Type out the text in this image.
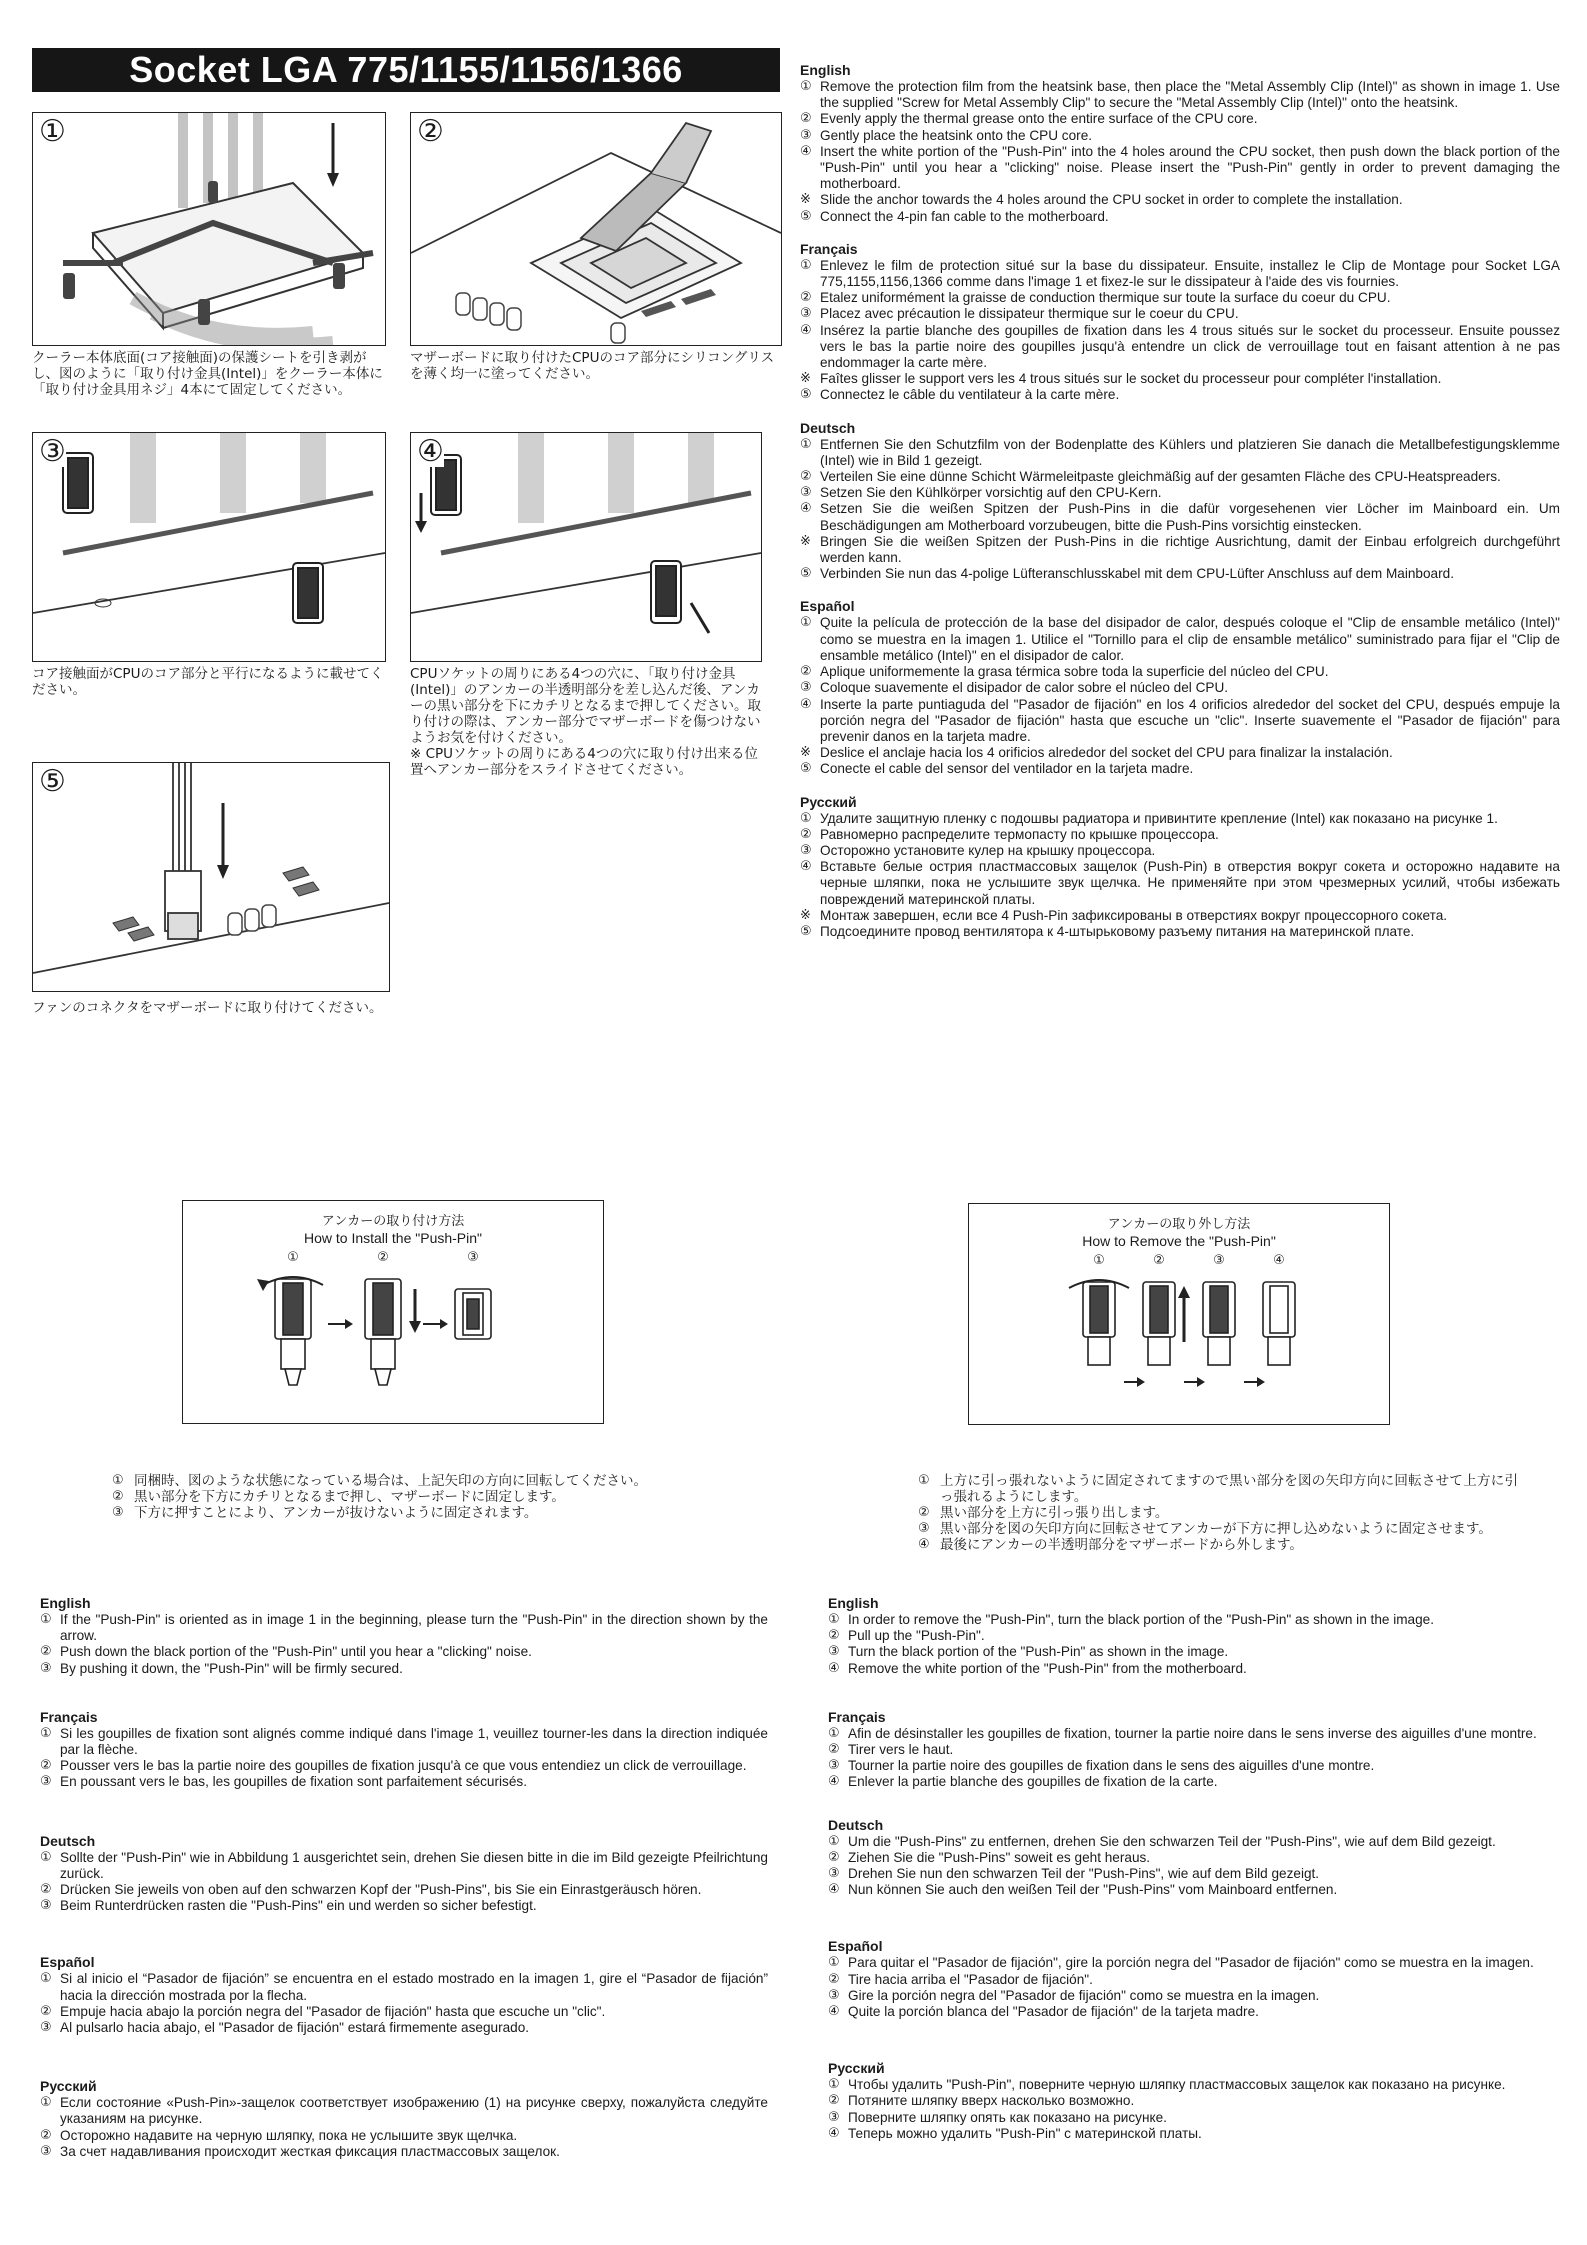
Socket LGA 775/1155/1156/1366
①
クーラー本体底面(コア接触面)の保護シートを引き剥がし、図のように「取り付け金具(Intel)」をクーラー本体に「取り付け金具用ネジ」4本にて固定してください。
②
マザーボードに取り付けたCPUのコア部分にシリコングリスを薄く均一に塗ってください。
③
コア接触面がCPUのコア部分と平行になるように載せてください。
④
CPUソケットの周りにある4つの穴に、「取り付け金具(Intel)」のアンカーの半透明部分を差し込んだ後、アンカーの黒い部分を下にカチリとなるまで押してください。取り付けの際は、アンカー部分でマザーボードを傷つけないようお気を付けください。
※ CPUソケットの周りにある4つの穴に取り付け出来る位置へアンカー部分をスライドさせてください。
⑤
ファンのコネクタをマザーボードに取り付けてください。
English
① Remove the protection film from the heatsink base, then place the "Metal Assembly Clip (Intel)" as shown in image 1. Use the supplied "Screw for Metal Assembly Clip" to secure the "Metal Assembly Clip (Intel)" onto the heatsink.
② Evenly apply the thermal grease onto the entire surface of the CPU core.
③ Gently place the heatsink onto the CPU core.
④ Insert the white portion of the "Push-Pin" into the 4 holes around the CPU socket, then push down the black portion of the "Push-Pin" until you hear a "clicking" noise. Please insert the "Push-Pin" gently in order to prevent damaging the motherboard.
※ Slide the anchor towards the 4 holes around the CPU socket in order to complete the installation.
⑤ Connect the 4-pin fan cable to the motherboard.
Français
① Enlevez le film de protection situé sur la base du dissipateur. Ensuite, installez le Clip de Montage pour Socket LGA 775,1155,1156,1366 comme dans l'image 1 et fixez-le sur le dissipateur à l'aide des vis fournies.
② Etalez uniformément la graisse de conduction thermique sur toute la surface du coeur du CPU.
③ Placez avec précaution le dissipateur thermique sur le coeur du CPU.
④ Insérez la partie blanche des goupilles de fixation dans les 4 trous situés sur le socket du processeur. Ensuite poussez vers le bas la partie noire des goupilles jusqu'à entendre un click de verrouillage tout en faisant attention à ne pas endommager la carte mère.
※ Faîtes glisser le support vers les 4 trous situés sur le socket du processeur pour compléter l'installation.
⑤ Connectez le câble du ventilateur à la carte mère.
Deutsch
① Entfernen Sie den Schutzfilm von der Bodenplatte des Kühlers und platzieren Sie danach die Metallbefestigungsklemme (Intel) wie in Bild 1 gezeigt.
② Verteilen Sie eine dünne Schicht Wärmeleitpaste gleichmäßig auf der gesamten Fläche des CPU-Heatspreaders.
③ Setzen Sie den Kühlkörper vorsichtig auf den CPU-Kern.
④ Setzen Sie die weißen Spitzen der Push-Pins in die dafür vorgesehenen vier Löcher im Mainboard ein. Um Beschädigungen am Motherboard vorzubeugen, bitte die Push-Pins vorsichtig einstecken.
※ Bringen Sie die weißen Spitzen der Push-Pins in die richtige Ausrichtung, damit der Einbau erfolgreich durchgeführt werden kann.
⑤ Verbinden Sie nun das 4-polige Lüfteranschlusskabel mit dem CPU-Lüfter Anschluss auf dem Mainboard.
Español
① Quite la película de protección de la base del disipador de calor, después coloque el "Clip de ensamble metálico (Intel)" como se muestra en la imagen 1. Utilice el "Tornillo para el clip de ensamble metálico" suministrado para fijar el "Clip de ensamble metálico (Intel)" en el disipador de calor.
② Aplique uniformemente la grasa térmica sobre toda la superficie del núcleo del CPU.
③ Coloque suavemente el disipador de calor sobre el núcleo del CPU.
④ Inserte la parte puntiaguda del "Pasador de fijación" en los 4 orificios alrededor del socket del CPU, después empuje la porción negra del "Pasador de fijación" hasta que escuche un "clic". Inserte suavemente el "Pasador de fijación" para prevenir danos en la tarjeta madre.
※ Deslice el anclaje hacia los 4 orificios alrededor del socket del CPU para finalizar la instalación.
⑤ Conecte el cable del sensor del ventilador en la tarjeta madre.
Русский
① Удалите защитную пленку с подошвы радиатора и привинтите крепление (Intel) как показано на рисунке 1.
② Равномерно распределите термопасту по крышке процессора.
③ Осторожно установите кулер на крышку процессора.
④ Вставьте белые острия пластмассовых защелок (Push-Pin) в отверстия вокруг сокета и осторожно надавите на черные шляпки, пока не услышите звук щелчка. Не применяйте при этом чрезмерных усилий, чтобы избежать повреждений материнской платы.
※ Монтаж завершен, если все 4 Push-Pin зафиксированы в отверстиях вокруг процессорного сокета.
⑤ Подсоедините провод вентилятора к 4-штырьковому разъему питания на материнской плате.
アンカーの取り付け方法
How to Install the "Push-Pin"
①	②	③
アンカーの取り外し方法
How to Remove the "Push-Pin"
①	②	③	④
① 同梱時、図のような状態になっている場合は、上記矢印の方向に回転してください。
② 黒い部分を下方にカチリとなるまで押し、マザーボードに固定します。
③ 下方に押すことにより、アンカーが抜けないように固定されます。
① 上方に引っ張れないように固定されてますので黒い部分を図の矢印方向に回転させて上方に引っ張れるようにします。
② 黒い部分を上方に引っ張り出します。
③ 黒い部分を図の矢印方向に回転させてアンカーが下方に押し込めないように固定させます。
④ 最後にアンカーの半透明部分をマザーボードから外します。
English
① If the "Push-Pin" is oriented as in image 1 in the beginning, please turn the "Push-Pin" in the direction shown by the arrow.
② Push down the black portion of the "Push-Pin" until you hear a "clicking" noise.
③ By pushing it down, the "Push-Pin" will be firmly secured.
Français
① Si les goupilles de fixation sont alignés comme indiqué dans l'image 1, veuillez tourner-les dans la direction indiquée par la flèche.
② Pousser vers le bas la partie noire des goupilles de fixation jusqu'à ce que vous entendiez un click de verrouillage.
③ En poussant vers le bas, les goupilles de fixation sont parfaitement sécurisés.
Deutsch
① Sollte der "Push-Pin" wie in Abbildung 1 ausgerichtet sein, drehen Sie diesen bitte in die im Bild gezeigte Pfeilrichtung zurück.
② Drücken Sie jeweils von oben auf den schwarzen Kopf der "Push-Pins", bis Sie ein Einrastgeräusch hören.
③ Beim Runterdrücken rasten die "Push-Pins" ein und werden so sicher befestigt.
Español
① Si al inicio el “Pasador de fijación” se encuentra en el estado mostrado en la imagen 1, gire el “Pasador de fijación” hacia la dirección mostrada por la flecha.
② Empuje hacia abajo la porción negra del "Pasador de fijación" hasta que escuche un "clic".
③ Al pulsarlo hacia abajo, el "Pasador de fijación" estará firmemente asegurado.
Русский
① Если состояние «Push-Pin»-защелок соответствует изображению (1) на рисунке сверху, пожалуйста следуйте указаниям на рисунке.
② Осторожно надавите на черную шляпку, пока не услышите звук щелчка.
③ За счет надавливания происходит жесткая фиксация пластмассовых защелок.
English
① In order to remove the "Push-Pin", turn the black portion of the "Push-Pin" as shown in the image.
② Pull up the "Push-Pin".
③ Turn the black portion of the "Push-Pin" as shown in the image.
④ Remove the white portion of the "Push-Pin" from the motherboard.
Français
① Afin de désinstaller les goupilles de fixation, tourner la partie noire dans le sens inverse des aiguilles d'une montre.
② Tirer vers le haut.
③ Tourner la partie noire des goupilles de fixation dans le sens des aiguilles d'une montre.
④ Enlever la partie blanche des goupilles de fixation de la carte.
Deutsch
① Um die "Push-Pins" zu entfernen, drehen Sie den schwarzen Teil der "Push-Pins", wie auf dem Bild gezeigt.
② Ziehen Sie die "Push-Pins" soweit es geht heraus.
③ Drehen Sie nun den schwarzen Teil der "Push-Pins", wie auf dem Bild gezeigt.
④ Nun können Sie auch den weißen Teil der "Push-Pins" vom Mainboard entfernen.
Español
① Para quitar el "Pasador de fijación", gire la porción negra del "Pasador de fijación" como se muestra en la imagen.
② Tire hacia arriba el "Pasador de fijación".
③ Gire la porción negra del "Pasador de fijación" como se muestra en la imagen.
④ Quite la porción blanca del "Pasador de fijación" de la tarjeta madre.
Русский
① Чтобы удалить "Push-Pin", поверните черную шляпку пластмассовых защелок как показано на рисунке.
② Потяните шляпку вверх насколько возможно.
③ Поверните шляпку опять как показано на рисунке.
④ Теперь можно удалить "Push-Pin" с материнской платы.
